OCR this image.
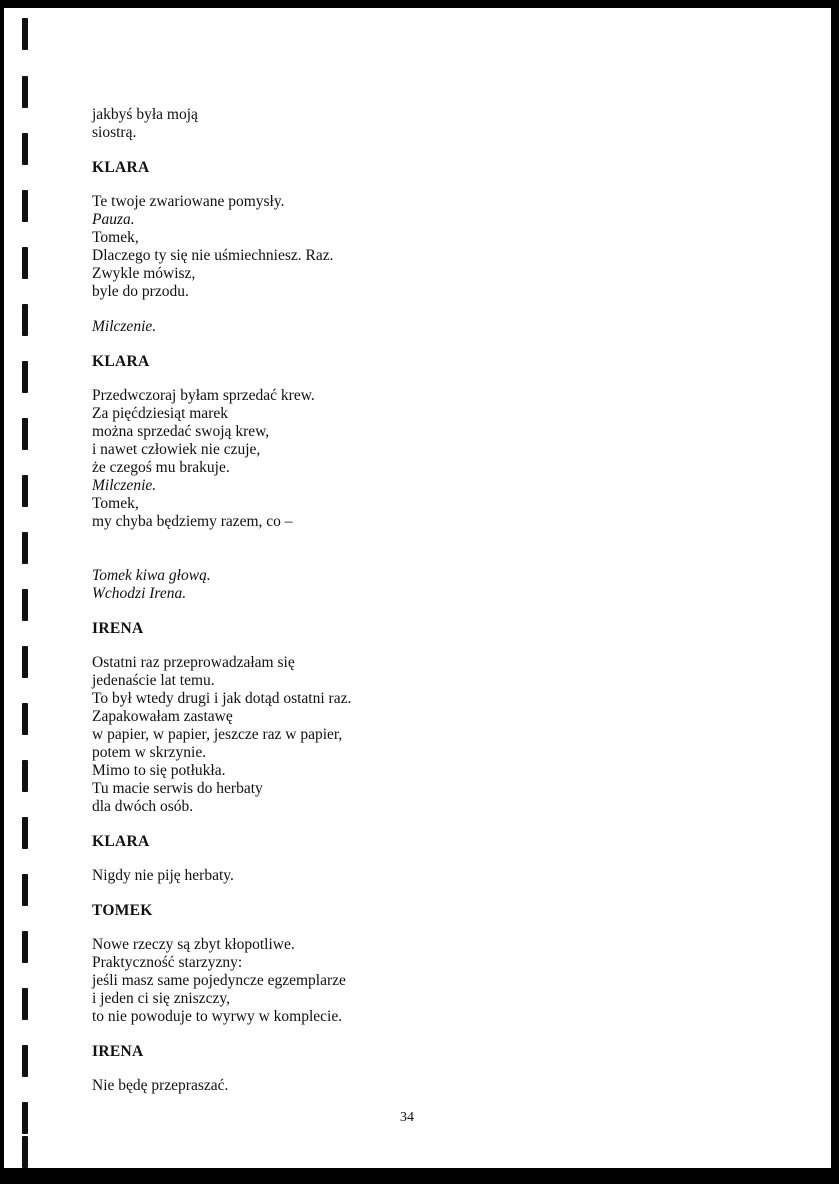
jakbyś była moją
siostrą.
KLARA
Te twoje zwariowane pomysły.
Pauza.
Tomek,
Dlaczego ty się nie uśmiechniesz. Raz.
Zwykle mówisz,
byle do przodu.
Milczenie.
KLARA
Przedwczoraj byłam sprzedać krew.
Za pięćdziesiąt marek
można sprzedać swoją krew,
i nawet człowiek nie czuje,
że czegoś mu brakuje.
Milczenie.
Tomek,
my chyba będziemy razem, co –
Tomek kiwa głową.
Wchodzi Irena.
IRENA
Ostatni raz przeprowadzałam się
jedenaście lat temu.
To był wtedy drugi i jak dotąd ostatni raz.
Zapakowałam zastawę
w papier, w papier, jeszcze raz w papier,
potem w skrzynie.
Mimo to się potłukła.
Tu macie serwis do herbaty
dla dwóch osób.
KLARA
Nigdy nie piję herbaty.
TOMEK
Nowe rzeczy są zbyt kłopotliwe.
Praktyczność starzyzny:
jeśli masz same pojedyncze egzemplarze
i jeden ci się zniszczy,
to nie powoduje to wyrwy w komplecie.
IRENA
Nie będę przepraszać.
34
